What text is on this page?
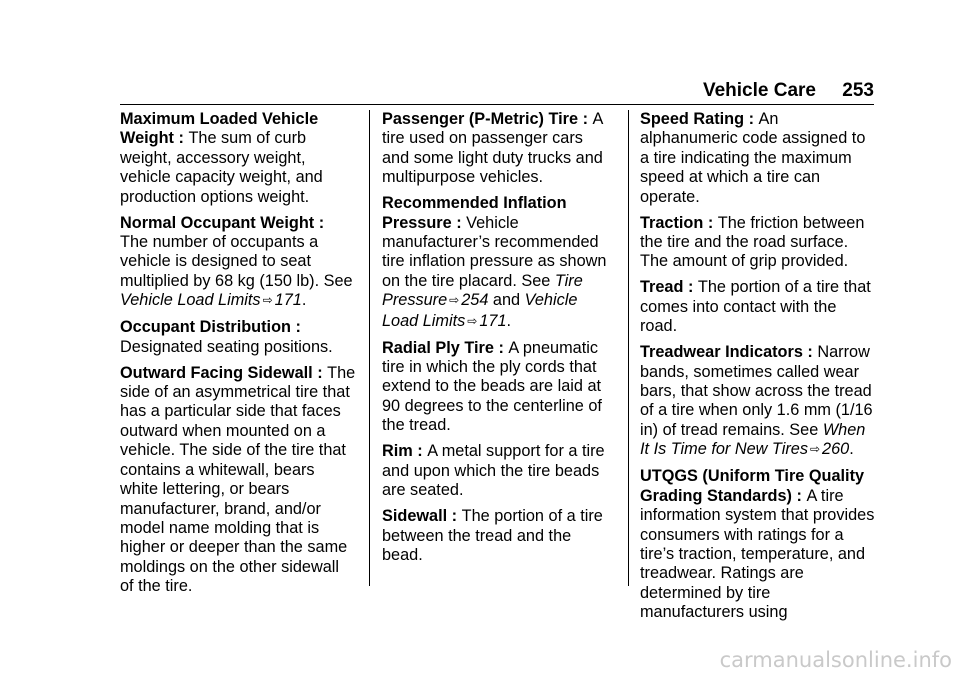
Vehicle Care 253

Maximum Loaded Vehicle Weight : The sum of curb weight, accessory weight, vehicle capacity weight, and production options weight.

Normal Occupant Weight : The number of occupants a vehicle is designed to seat multiplied by 68 kg (150 lb). See Vehicle Load Limits ⇨ 171.

Occupant Distribution : Designated seating positions.

Outward Facing Sidewall : The side of an asymmetrical tire that has a particular side that faces outward when mounted on a vehicle. The side of the tire that contains a whitewall, bears white lettering, or bears manufacturer, brand, and/or model name molding that is higher or deeper than the same moldings on the other sidewall of the tire.

Passenger (P-Metric) Tire : A tire used on passenger cars and some light duty trucks and multipurpose vehicles.

Recommended Inflation Pressure : Vehicle manufacturer’s recommended tire inflation pressure as shown on the tire placard. See Tire Pressure ⇨ 254 and Vehicle Load Limits ⇨ 171.

Radial Ply Tire : A pneumatic tire in which the ply cords that extend to the beads are laid at 90 degrees to the centerline of the tread.

Rim : A metal support for a tire and upon which the tire beads are seated.

Sidewall : The portion of a tire between the tread and the bead.

Speed Rating : An alphanumeric code assigned to a tire indicating the maximum speed at which a tire can operate.

Traction : The friction between the tire and the road surface. The amount of grip provided.

Tread : The portion of a tire that comes into contact with the road.

Treadwear Indicators : Narrow bands, sometimes called wear bars, that show across the tread of a tire when only 1.6 mm (1/16 in) of tread remains. See When It Is Time for New Tires ⇨ 260.

UTQGS (Uniform Tire Quality Grading Standards) : A tire information system that provides consumers with ratings for a tire’s traction, temperature, and treadwear. Ratings are determined by tire manufacturers using

carmanualsonline.info
